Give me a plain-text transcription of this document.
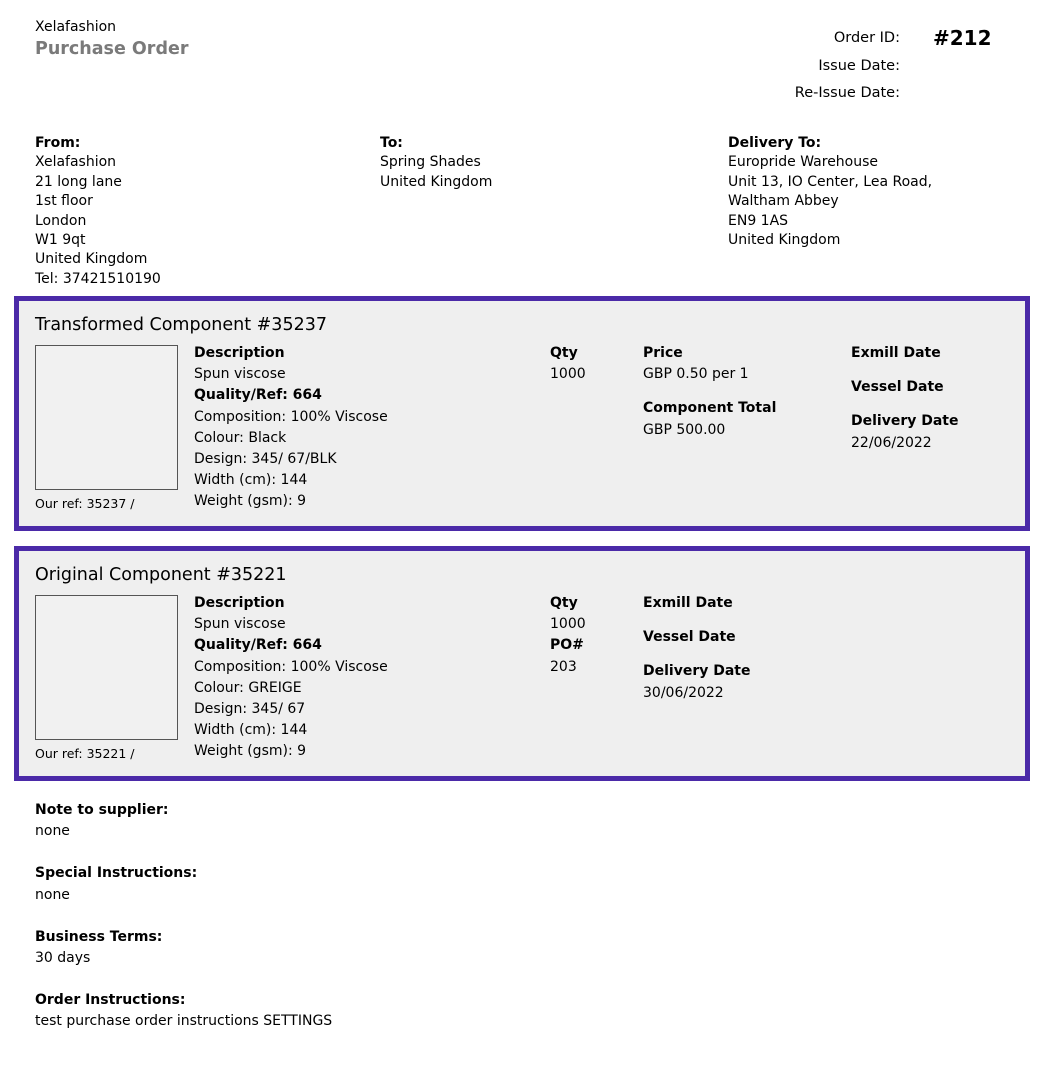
Xelafashion
Purchase Order
Order ID:	#212
Issue Date:
Re-Issue Date:
From:
Xelafashion
21 long lane
1st floor
London
W1 9qt
United Kingdom
Tel: 37421510190
To:
Spring Shades
United Kingdom
Delivery To:
Europride Warehouse
Unit 13, IO Center, Lea Road,
Waltham Abbey
EN9 1AS
United Kingdom
Transformed Component #35237
Our ref: 35237 /
Description
Spun viscose
Quality/Ref: 664
Composition: 100% Viscose
Colour: Black
Design: 345/ 67/BLK
Width (cm): 144
Weight (gsm): 9
Qty
1000
Price
GBP 0.50 per 1
Component Total
GBP 500.00
Exmill Date
Vessel Date
Delivery Date
22/06/2022
Original Component #35221
Our ref: 35221 /
Description
Spun viscose
Quality/Ref: 664
Composition: 100% Viscose
Colour: GREIGE
Design: 345/ 67
Width (cm): 144
Weight (gsm): 9
Qty
1000
PO#
203
Exmill Date
Vessel Date
Delivery Date
30/06/2022
Note to supplier:
none
Special Instructions:
none
Business Terms:
30 days
Order Instructions:
test purchase order instructions SETTINGS
